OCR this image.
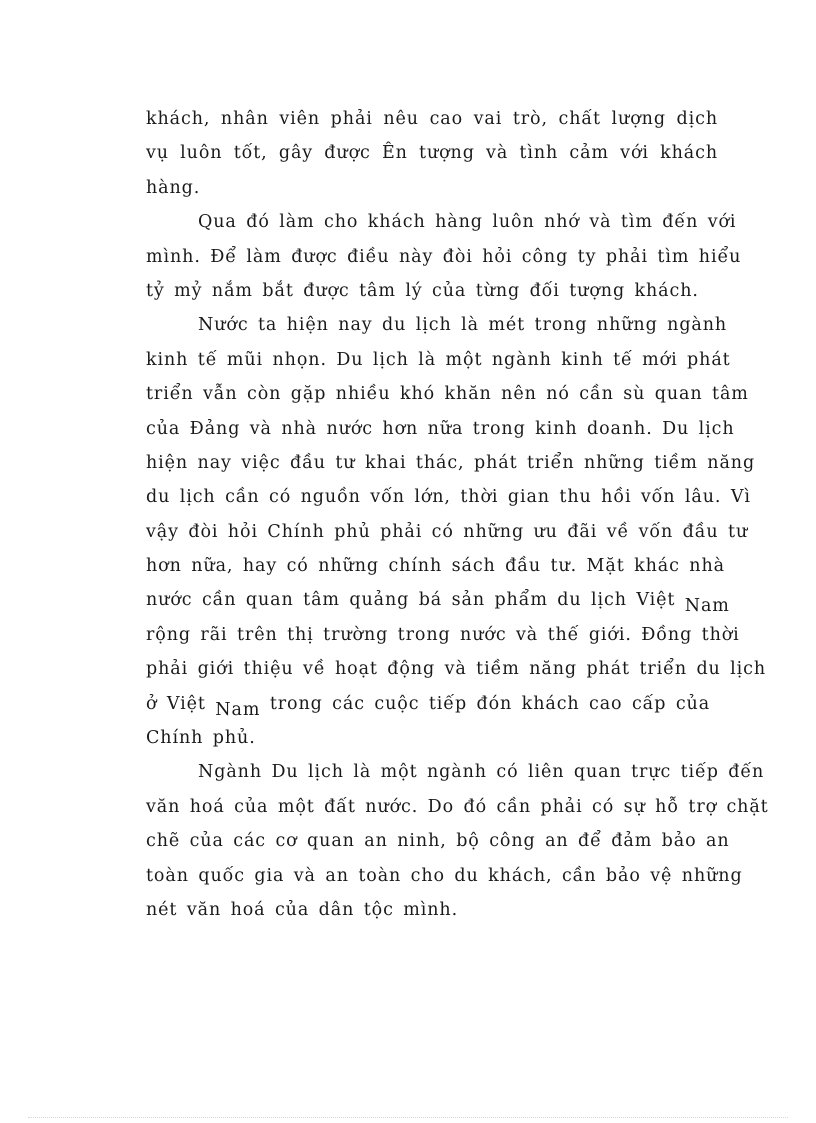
khách, nhân viên phải nêu cao vai trò, chất lượng dịch
vụ luôn tốt, gây được Ên tượng và tình cảm với khách
hàng.
Qua đó làm cho khách hàng luôn nhớ và tìm đến với
mình. Để làm được điều này đòi hỏi công ty phải tìm hiểu
tỷ mỷ nắm bắt được tâm lý của từng đối tượng khách.
Nước ta hiện nay du lịch là mét trong những ngành
kinh tế mũi nhọn. Du lịch là một ngành kinh tế mới phát
triển vẫn còn gặp nhiều khó khăn nên nó cần sù quan tâm
của Đảng và nhà nước hơn nữa trong kinh doanh. Du lịch
hiện nay việc đầu tư khai thác, phát triển những tiềm năng
du lịch cần có nguồn vốn lớn, thời gian thu hồi vốn lâu. Vì
vậy đòi hỏi Chính phủ phải có những ưu đãi về vốn đầu tư
hơn nữa, hay có những chính sách đầu tư. Mặt khác nhà
nước cần quan tâm quảng bá sản phẩm du lịch Việt Nam
rộng rãi trên thị trường trong nước và thế giới. Đồng thời
phải giới thiệu về hoạt động và tiềm năng phát triển du lịch
ở Việt Nam trong các cuộc tiếp đón khách cao cấp của
Chính phủ.
Ngành Du lịch là một ngành có liên quan trực tiếp đến
văn hoá của một đất nước. Do đó cần phải có sự hỗ trợ chặt
chẽ của các cơ quan an ninh, bộ công an để đảm bảo an
toàn quốc gia và an toàn cho du khách, cần bảo vệ những
nét văn hoá của dân tộc mình.
